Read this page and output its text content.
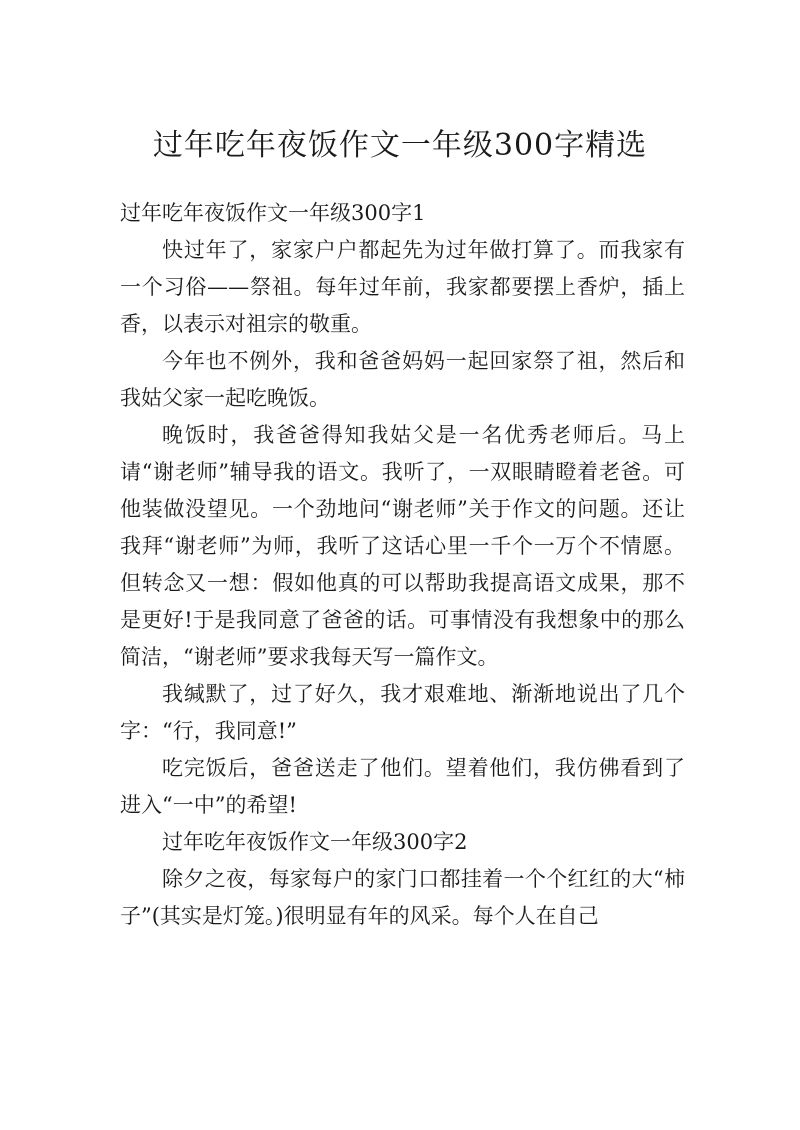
过年吃年夜饭作文一年级300字精选

过年吃年夜饭作文一年级300字1

快过年了，家家户户都起先为过年做打算了。而我家有一个习俗——祭祖。每年过年前，我家都要摆上香炉，插上香，以表示对祖宗的敬重。

今年也不例外，我和爸爸妈妈一起回家祭了祖，然后和我姑父家一起吃晚饭。

晚饭时，我爸爸得知我姑父是一名优秀老师后。马上请“谢老师”辅导我的语文。我听了，一双眼睛瞪着老爸。可他装做没望见。一个劲地问“谢老师”关于作文的问题。还让我拜“谢老师”为师，我听了这话心里一千个一万个不情愿。但转念又一想：假如他真的可以帮助我提高语文成果，那不是更好!于是我同意了爸爸的话。可事情没有我想象中的那么简洁，“谢老师”要求我每天写一篇作文。

我缄默了，过了好久，我才艰难地、渐渐地说出了几个字：“行，我同意!”

吃完饭后，爸爸送走了他们。望着他们，我仿佛看到了进入“一中”的希望!

过年吃年夜饭作文一年级300字2

除夕之夜，每家每户的家门口都挂着一个个红红的大“柿子”(其实是灯笼。)很明显有年的风采。每个人在自己
